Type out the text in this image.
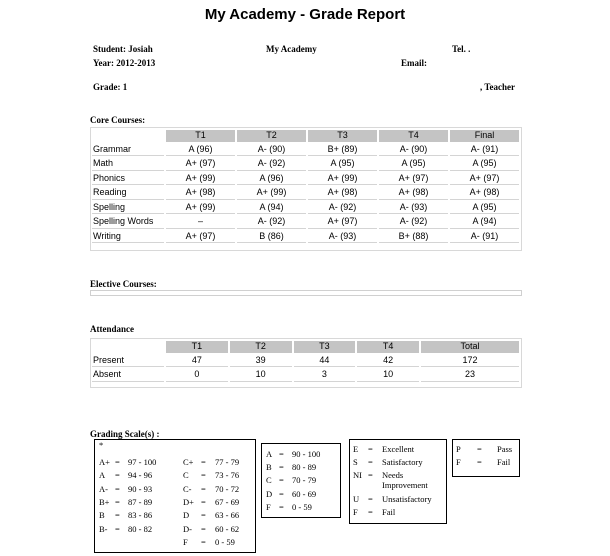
My Academy - Grade Report
Student: Josiah	My Academy	Tel. .
Year: 2012-2013	Email:
Grade: 1	, Teacher
Core Courses:
	T1	T2	T3	T4	Final
Grammar	A (96)	A- (90)	B+ (89)	A- (90)	A- (91)
Math	A+ (97)	A- (92)	A (95)	A (95)	A (95)
Phonics	A+ (99)	A (96)	A+ (99)	A+ (97)	A+ (97)
Reading	A+ (98)	A+ (99)	A+ (98)	A+ (98)	A+ (98)
Spelling	A+ (99)	A (94)	A- (92)	A- (93)	A (95)
Spelling Words	–	A- (92)	A+ (97)	A- (92)	A (94)
Writing	A+ (97)	B (86)	A- (93)	B+ (88)	A- (91)
Elective Courses:
Attendance
	T1	T2	T3	T4	Total
Present	47	39	44	42	172
Absent	0	10	3	10	23
Grading Scale(s) :
*
A+ = 97 - 100
A = 94 - 96
A- = 90 - 93
B+ = 87 - 89
B = 83 - 86
B- = 80 - 82
C+ = 77 - 79
C = 73 - 76
C- = 70 - 72
D+ = 67 - 69
D = 63 - 66
D- = 60 - 62
F = 0 - 59
A = 90 - 100
B = 80 - 89
C = 70 - 79
D = 60 - 69
F = 0 - 59
E = Excellent
S = Satisfactory
NI = Needs Improvement
U = Unsatisfactory
F = Fail
P = Pass
F = Fail
